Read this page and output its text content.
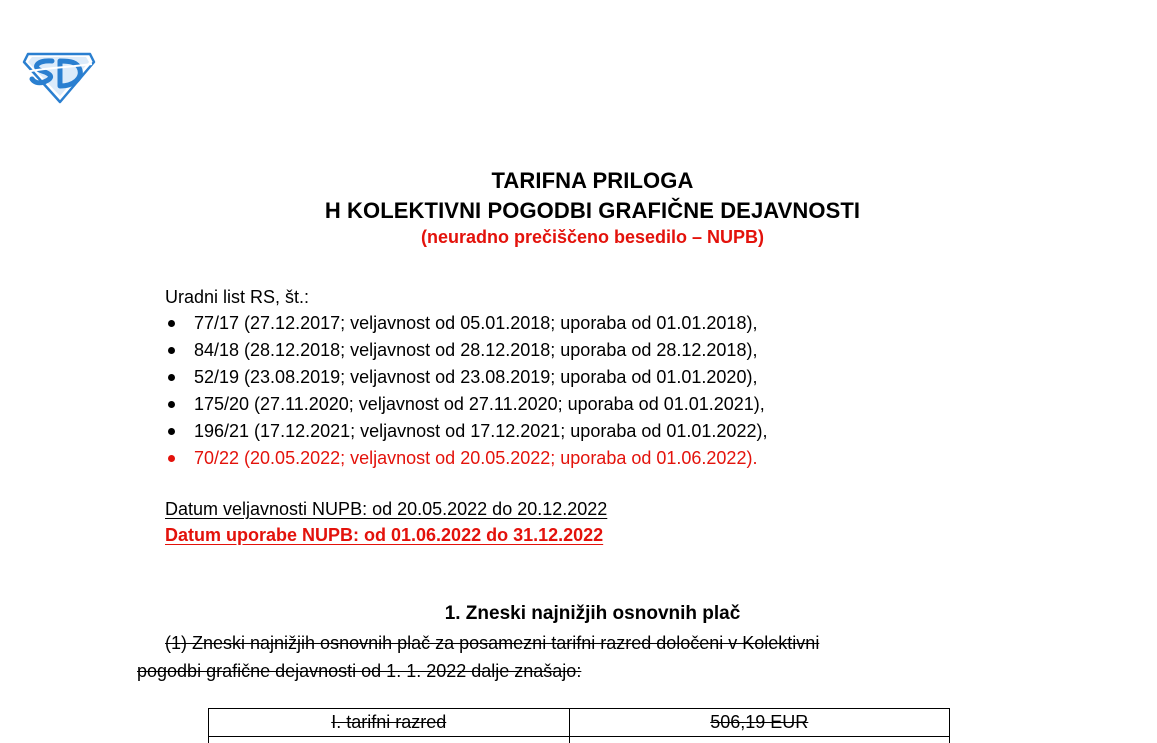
TARIFNA PRILOGA
H KOLEKTIVNI POGODBI GRAFIČNE DEJAVNOSTI
(neuradno prečiščeno besedilo – NUPB)
Uradni list RS, št.:
77/17 (27.12.2017; veljavnost od 05.01.2018; uporaba od 01.01.2018),
84/18 (28.12.2018; veljavnost od 28.12.2018; uporaba od 28.12.2018),
52/19 (23.08.2019; veljavnost od 23.08.2019; uporaba od 01.01.2020),
175/20 (27.11.2020; veljavnost od 27.11.2020; uporaba od 01.01.2021),
196/21 (17.12.2021; veljavnost od 17.12.2021; uporaba od 01.01.2022),
70/22 (20.05.2022; veljavnost od 20.05.2022; uporaba od 01.06.2022).
Datum veljavnosti NUPB: od 20.05.2022 do 20.12.2022
Datum uporabe NUPB: od 01.06.2022 do 31.12.2022
1. Zneski najnižjih osnovnih plač
(1) Zneski najnižjih osnovnih plač za posamezni tarifni razred določeni v Kolektivni
pogodbi grafične dejavnosti od 1. 1. 2022 dalje znašajo:
I. tarifni razred	506,19 EUR
